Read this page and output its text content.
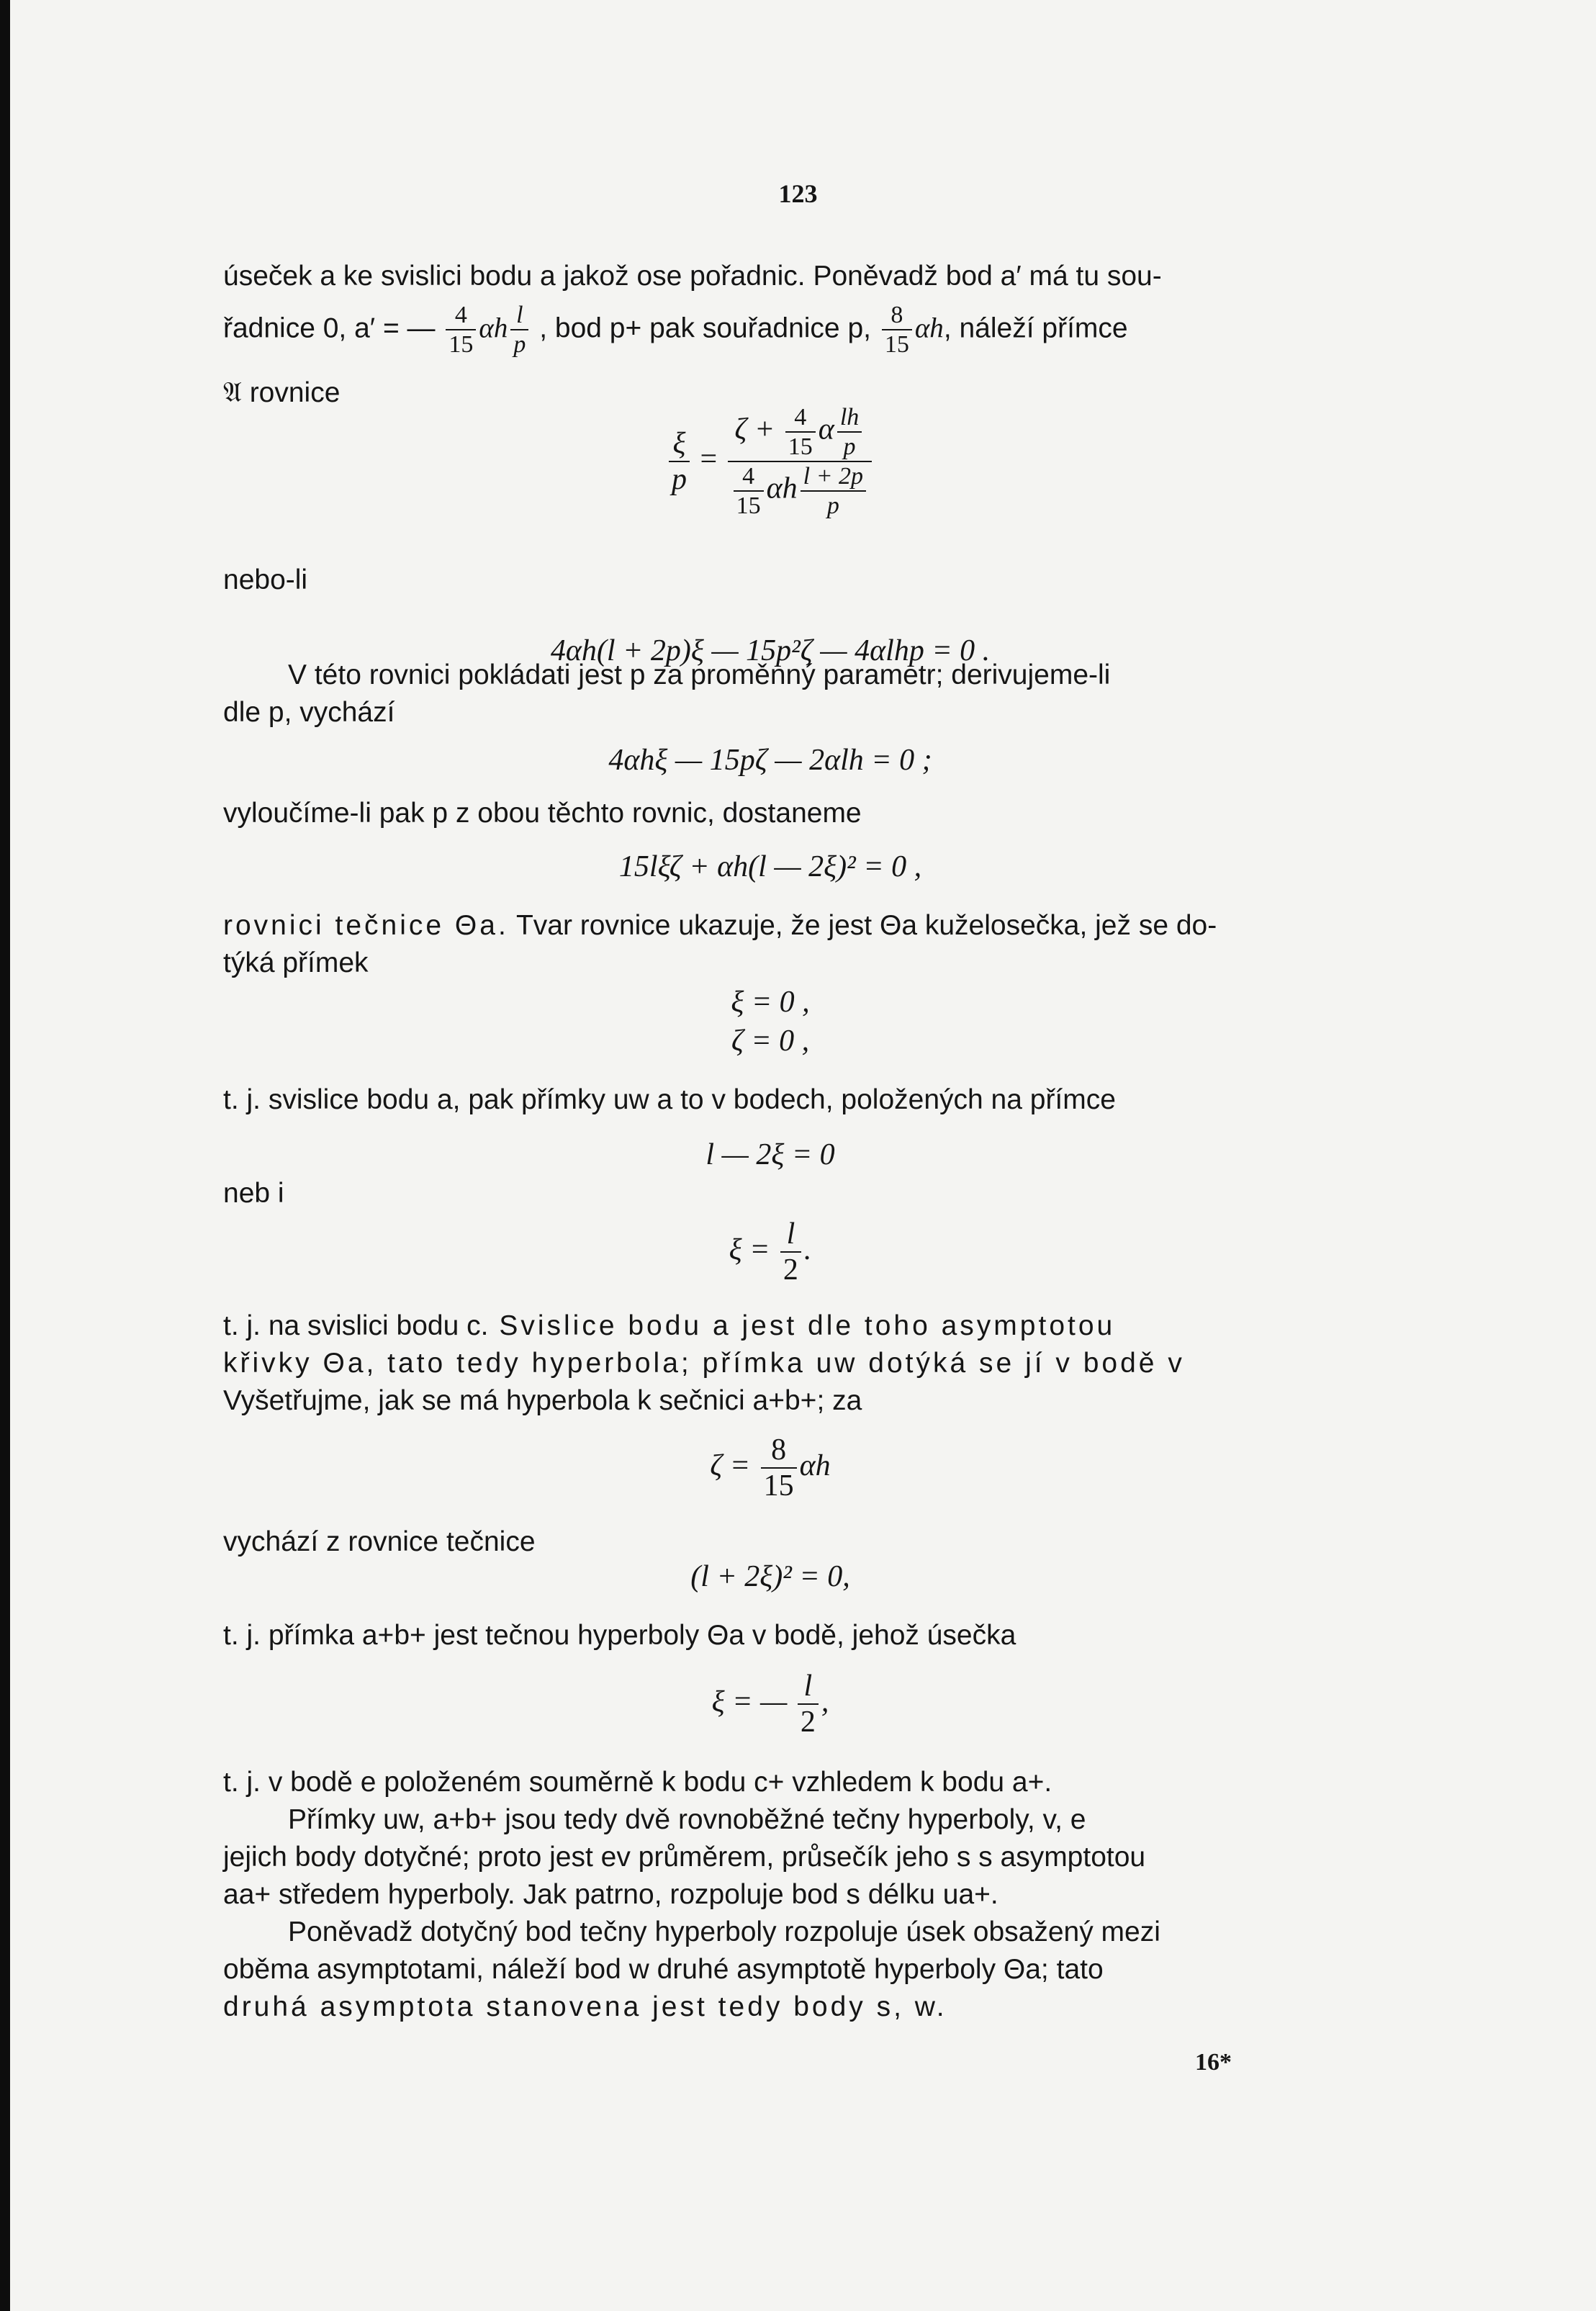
123
úseček a ke svislici bodu a jakož ose pořadnic. Poněvadž bod a′ má tu sou-
řadnice 0, a′ = — $\frac{4}{15}$ αh $\frac{l}{p}$ , bod p+ pak souřadnice p, $\frac{8}{15} \alpha h$, náleží přímce
𝔄 rovnice
$\frac{\xi}{p}$ =
$\zeta + \frac{4}{15}$ α $\frac{lh}{p}$
$\frac{4}{15}$ αh $\frac{l + 2p}{p}$
nebo-li
4αh(l + 2p)ξ — 15p²ζ — 4αlhp = 0 .
V této rovnici pokládati jest p za proměnný parametr; derivujeme-li
dle p, vychází
4αhξ — 15pζ — 2αlh = 0 ;
vyloučíme-li pak p z obou těchto rovnic, dostaneme
15lξζ + αh(l — 2ξ)² = 0 ,
rovnici tečnice Θa. Tvar rovnice ukazuje, že jest Θa kuželosečka, jež se do-
týká přímek
ξ = 0 ,
ζ = 0 ,
t. j. svislice bodu a, pak přímky uw a to v bodech, položených na přímce
l — 2ξ = 0
neb i
$\xi = \frac{l}{2}$ .
t. j. na svislici bodu c. Svislice bodu a jest dle toho asymptotou
křivky Θa, tato tedy hyperbola; přímka uw dotýká se jí v bodě v
Vyšetřujme, jak se má hyperbola k sečnici a+b+; za
$\zeta = \frac{8}{15}$ αh
vychází z rovnice tečnice
(l + 2ξ)² = 0,
t. j. přímka a+b+ jest tečnou hyperboly Θa v bodě, jehož úsečka
ξ = — $\frac{l}{2}$ ,
t. j. v bodě e položeném souměrně k bodu c+ vzhledem k bodu a+.
Přímky uw, a+b+ jsou tedy dvě rovnoběžné tečny hyperboly, v, e
jejich body dotyčné; proto jest ev průměrem, průsečík jeho s s asymptotou
aa+ středem hyperboly. Jak patrno, rozpoluje bod s délku ua+.
Poněvadž dotyčný bod tečny hyperboly rozpoluje úsek obsažený mezi
oběma asymptotami, náleží bod w druhé asymptotě hyperboly Θa; tato
druhá asymptota stanovena jest tedy body s, w.
16*
